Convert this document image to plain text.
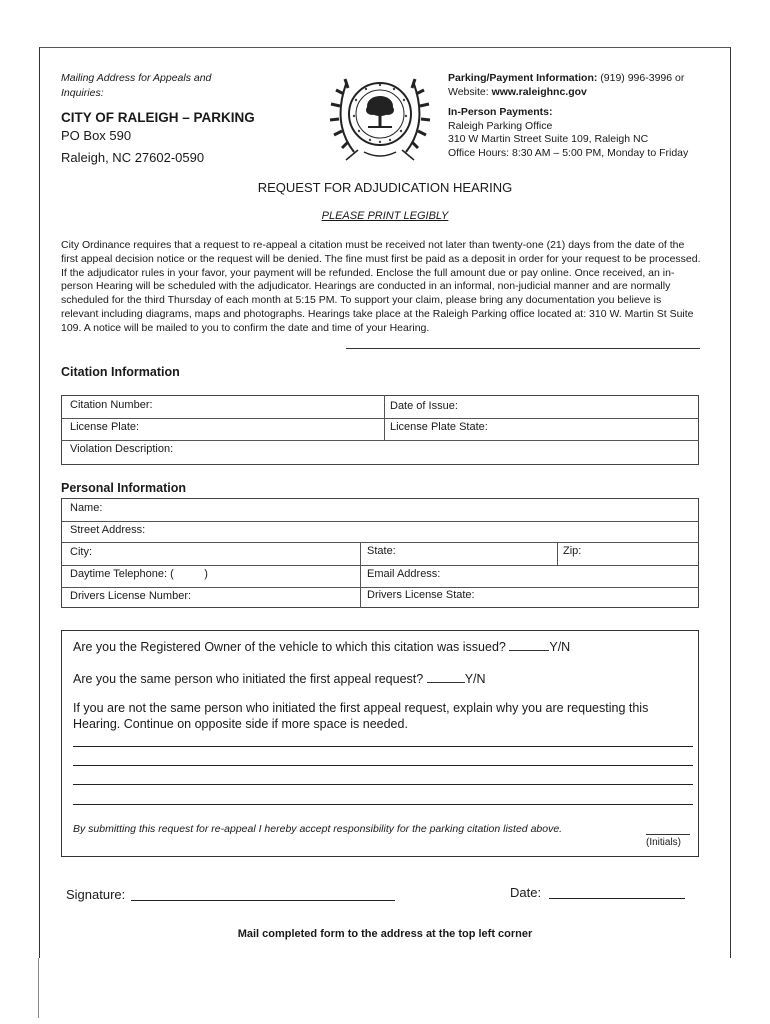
Mailing Address for Appeals and Inquiries:
CITY OF RALEIGH – PARKING
PO Box 590
Raleigh, NC 27602-0590
Parking/Payment Information: (919) 996-3996 or
Website: www.raleighnc.gov
In-Person Payments:
Raleigh Parking Office
310 W Martin Street Suite 109, Raleigh NC
Office Hours: 8:30 AM – 5:00 PM, Monday to Friday
REQUEST FOR ADJUDICATION HEARING
PLEASE PRINT LEGIBLY
City Ordinance requires that a request to re-appeal a citation must be received not later than twenty-one (21) days from the date of the first appeal decision notice or the request will be denied. The fine must first be paid as a deposit in order for your request to be processed. If the adjudicator rules in your favor, your payment will be refunded. Enclose the full amount due or pay online. Once received, an in-person Hearing will be scheduled with the adjudicator. Hearings are conducted in an informal, non-judicial manner and are normally scheduled for the third Thursday of each month at 5:15 PM. To support your claim, please bring any documentation you believe is relevant including diagrams, maps and photographs. Hearings take place at the Raleigh Parking office located at: 310 W. Martin St Suite 109. A notice will be mailed to you to confirm the date and time of your Hearing.
Citation Information
Citation Number:	Date of Issue:
License Plate:	License Plate State:
Violation Description:
Personal Information
Name:
Street Address:
City:	State:	Zip:
Daytime Telephone: (          )	Email Address:
Drivers License Number:	Drivers License State:
Are you the Registered Owner of the vehicle to which this citation was issued?	Y/N
Are you the same person who initiated the first appeal request?	Y/N
If you are not the same person who initiated the first appeal request, explain why you are requesting this Hearing. Continue on opposite side if more space is needed.
By submitting this request for re-appeal I hereby accept responsibility for the parking citation listed above.
(Initials)
Signature:	Date:
Mail completed form to the address at the top left corner
